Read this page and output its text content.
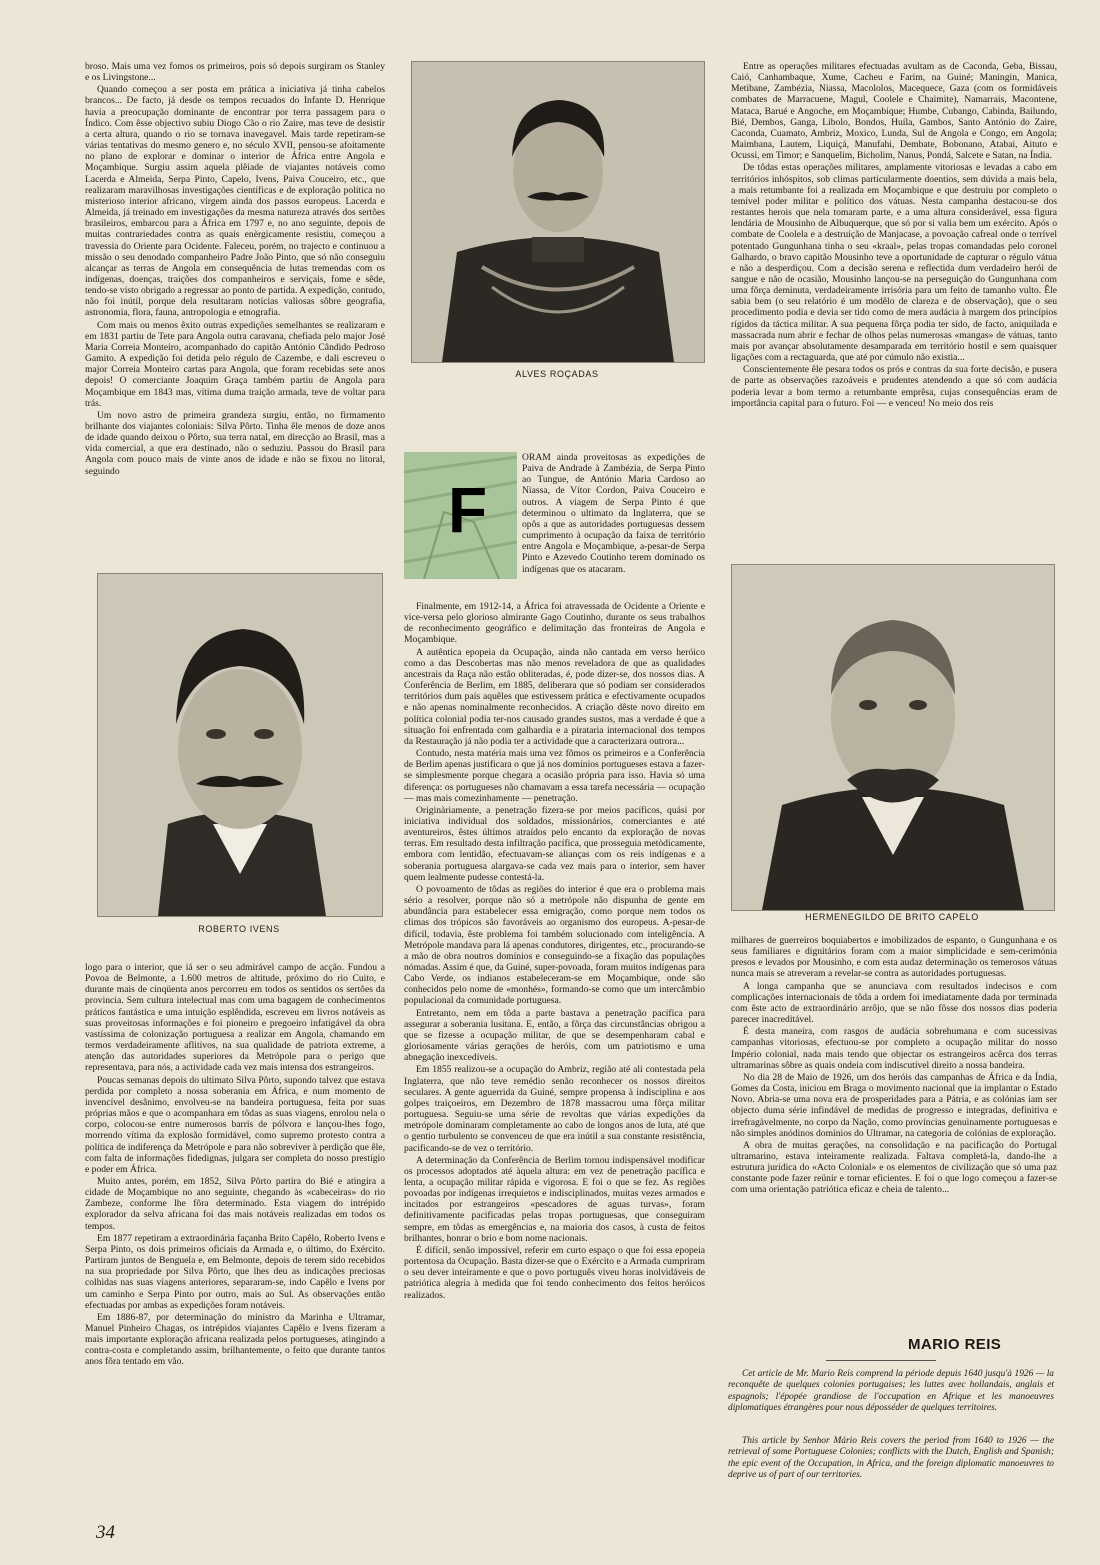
broso. Mais uma vez fomos os primeiros, pois só depois surgiram os Stanley e os Livingstone...

Quando começou a ser posta em prática a iniciativa já tinha cabelos brancos... De facto, já desde os tempos recuados do Infante D. Henrique havia a preocupação dominante de encontrar por terra passagem para o Índico. Com êsse objectivo subiu Diogo Cão o rio Zaire, mas teve de desistir a certa altura, quando o rio se tornava inavegavel. Mais tarde repetiram-se várias tentativas do mesmo genero e, no século XVII, pensou-se afoitamente no plano de explorar e dominar o interior de África entre Angola e Moçambique. Surgiu assim aquela plêiade de viajantes notáveis como Lacerda e Almeida, Serpa Pinto, Capelo, Ivens, Paiva Couceiro, etc., que realizaram maravilhosas investigações científicas e de exploração política no misterioso interior africano, virgem ainda dos passos europeus. Lacerda e Almeida, já treinado em investigações da mesma natureza através dos sertões brasileiros, embarcou para a África em 1797 e, no ano seguinte, depois de muitas contrariedades contra as quais enèrgicamente resistiu, começou a travessia do Oriente para Ocidente. Faleceu, porém, no trajecto e continuou a missão o seu denodado companheiro Padre João Pinto, que só não conseguiu alcançar as terras de Angola em consequência de lutas tremendas com os indígenas, doenças, traições dos companheiros e serviçais, fome e sêde, tendo-se visto obrigado a regressar ao ponto de partida. A expedição, contudo, não foi inútil, porque dela resultaram notícias valiosas sôbre geografia, astronomia, flora, fauna, antropologia e etnografia.

Com mais ou menos êxito outras expedições semelhantes se realizaram e em 1831 partiu de Tete para Angola outra caravana, chefiada pelo major José Maria Correia Monteiro, acompanhado do capitão António Cândido Pedroso Gamito. A expedição foi detida pelo régulo de Cazembe, e dali escreveu o major Correia Monteiro cartas para Angola, que foram recebidas sete anos depois! O comerciante Joaquim Graça também partiu de Angola para Moçambique em 1843 mas, vítima duma traição armada, teve de voltar para trás.

Um novo astro de primeira grandeza surgiu, então, no firmamento brilhante dos viajantes coloniais: Silva Pôrto. Tinha êle menos de doze anos de idade quando deixou o Pôrto, sua terra natal, em direcção ao Brasil, mas a vida comercial, a que era destinado, não o seduziu. Passou do Brasil para Angola com pouco mais de vinte anos de idade e não se fixou no litoral, seguindo

ROBERTO IVENS

logo para o interior, que iá ser o seu admirável campo de acção. Fundou a Povoa de Belmonte, a 1.600 metros de altitude, próximo do rio Cuito, e durante mais de cinqüenta anos percorreu em todos os sentidos os sertões da provincia. Sem cultura intelectual mas com uma bagagem de conhecimentos práticos fantástica e uma intuição esplêndida, escreveu em livros notáveis as suas proveitosas informações e foi pioneiro e pregoeiro infatigável da obra vastíssima de colonização portuguesa a realizar em Angola, chamando em termos verdadeiramente aflitivos, na sua qualidade de patriota extreme, a atenção das autoridades superiores da Metrópole para o perigo que representava, para nós, a actividade cada vez mais intensa dos estrangeiros.

Poucas semanas depois do ultimato Silva Pôrto, supondo talvez que estava perdida por completo a nossa soberania em África, e num momento de invencível desânimo, envolveu-se na bandeira portuguesa, feita por suas próprias mãos e que o acompanhara em tôdas as suas viagens, enrolou nela o corpo, colocou-se entre numerosos barris de pólvora e lançou-lhes fogo, morrendo vítima da explosão formidável, como supremo protesto contra a política de indiferença da Metrópole e para não sobreviver à perdição que êle, com falta de informações fidedignas, julgara ser completa do nosso prestígio e poder em África.

Muito antes, porém, em 1852, Silva Pôrto partira do Bié e atingira a cidade de Moçambique no ano seguinte, chegando às «cabeceiras» do rio Zambeze, conforme lhe fôra determinado. Esta viagem do intrépido explorador da selva africana foi das mais notáveis realizadas em todos os tempos.

Em 1877 repetiram a extraordinária façanha Brito Capêlo, Roberto Ivens e Serpa Pinto, os dois primeiros oficiais da Armada e, o último, do Exército. Partiram juntos de Benguela e, em Belmonte, depois de terem sido recebidos na sua propriedade por Silva Pôrto, que lhes deu as indicações preciosas colhidas nas suas viagens anteriores, separaram-se, indo Capêlo e Ivens por um caminho e Serpa Pinto por outro, mais ao Sul. As observações então efectuadas por ambas as expedições foram notáveis.

Em 1886-87, por determinação do ministro da Marinha e Ultramar, Manuel Pinheiro Chagas, os intrépidos viajantes Capêlo e Ivens fizeram a mais importante exploração africana realizada pelos portugueses, atingindo a contra-costa e completando assim, brilhantemente, o feito que durante tantos anos fôra tentado em vão.

ALVES ROÇADAS
F

ORAM ainda proveitosas as expedições de Paiva de Andrade à Zambézia, de Serpa Pinto ao Tungue, de António Maria Cardoso ao Niassa, de Vítor Cordon, Paiva Couceiro e outros. A viagem de Serpa Pinto é que determinou o ultimato da Inglaterra, que se opôs a que as autoridades portuguesas dessem cumprimento à ocupação da faixa de território entre Angola e Moçambique, a-pesar-de Serpa Pinto e Azevedo Coutinho terem dominado os indígenas que os atacaram.

Finalmente, em 1912-14, a África foi atravessada de Ocidente a Oriente e vice-versa pelo glorioso almirante Gago Coutinho, durante os seus trabalhos de reconhecimento geográfico e delimitação das fronteiras de Angola e Moçambique.

A autêntica epopeia da Ocupação, ainda não cantada em verso heróico como a das Descobertas mas não menos reveladora de que as qualidades ancestrais da Raça não estão obliteradas, é, pode dizer-se, dos nossos dias. A Conferência de Berlim, em 1885, deliberara que só podiam ser considerados territórios dum país aquêles que estivessem prática e efectivamente ocupados e não apenas nominalmente reconhecidos. A criação dêste novo direito em política colonial podia ter-nos causado grandes sustos, mas a verdade é que a situação foi enfrentada com galhardia e a pirataria internacional dos tempos da Restauração já não podia ter a actividade que a caracterizara outrora...

Contudo, nesta matéria mais uma vez fômos os primeiros e a Conferência de Berlim apenas justificara o que já nos domínios portugueses estava a fazer-se simplesmente porque chegara a ocasião própria para isso. Havia só uma diferença: os portugueses não chamavam a essa tarefa necessária — ocupação — mas mais comezinhamente — penetração.

Originàriamente, a penetração fizera-se por meios pacíficos, quási por iniciativa individual dos soldados, missionários, comerciantes e até aventureiros, êstes últimos atraídos pelo encanto da exploração de novas terras. Em resultado desta infiltração pacífica, que prosseguia metòdicamente, embora com lentidão, efectuavam-se alianças com os reis indígenas e a soberania portuguesa alargava-se cada vez mais para o interior, sem haver quem lealmente pudesse contestá-la.

O povoamento de tôdas as regiões do interior é que era o problema mais sério a resolver, porque não só a metrópole não dispunha de gente em abundância para estabelecer essa emigração, como porque nem todos os climas dos trópicos são favoráveis ao organismo dos europeus. A-pesar-de difícil, todavia, êste problema foi também solucionado com inteligência. A Metrópole mandava para lá apenas condutores, dirigentes, etc., procurando-se a mão de obra noutros domínios e conseguindo-se a fixação das populações nómadas. Assim é que, da Guiné, super-povoada, foram muitos indígenas para Cabo Verde, os indianos estabeleceram-se em Moçambique, onde são conhecidos pelo nome de «monhés», formando-se como que um intercâmbio populacional da comunidade portuguesa.

Entretanto, nem em tôda a parte bastava a penetração pacífica para assegurar a soberania lusitana. E, então, a fôrça das circunstâncias obrigou a que se fizesse a ocupação militar, de que se desempenharam cabal e gloriosamente várias gerações de heróis, com um patriotismo e uma abnegação inexcedíveis.

Em 1855 realizou-se a ocupação do Ambriz, região até ali contestada pela Inglaterra, que não teve remédio senão reconhecer os nossos direitos seculares. A gente aguerrida da Guiné, sempre propensa à indisciplina e aos golpes traiçoeiros, em Dezembro de 1878 massacrou uma fôrça militar portuguesa. Seguiu-se uma série de revoltas que várias expedições da metrópole dominaram completamente ao cabo de longos anos de luta, até que o gentio turbulento se convenceu de que era inútil a sua constante resistência, pacificando-se de vez o território.

A determinação da Conferência de Berlim tornou indispensável modificar os processos adoptados até àquela altura: em vez de penetração pacífica e lenta, a ocupação militar rápida e vigorosa. E foi o que se fez. As regiões povoadas por indígenas irrequietos e indisciplinados, muitas vezes armados e incitados por estrangeiros «pescadores de aguas turvas», foram definitivamente pacificadas pelas tropas portuguesas, que conseguiram sempre, em tôdas as emergências e, na maioria dos casos, à custa de feitos brilhantes, honrar o brio e bom nome nacionais.

É difícil, senão impossível, referir em curto espaço o que foi essa epopeia portentosa da Ocupação. Basta dizer-se que o Exército e a Armada cumpriram o seu dever inteiramente e que o povo português viveu horas inolvidáveis de patriótica alegria à medida que foi tendo conhecimento dos feitos heróicos realizados.

Entre as operações militares efectuadas avultam as de Caconda, Geba, Bissau, Caió, Canhambaque, Xume, Cacheu e Farim, na Guiné; Maningin, Manica, Metibane, Zambézia, Niassa, Macololos, Macequece, Gaza (com os formidáveis combates de Marracuene, Magul, Coolele e Chaimite), Namarrais, Macontene, Mataca, Barué e Angoche, em Moçambique; Humbe, Cubango, Cabinda, Bailundo, Bié, Dembos, Ganga, Libolo, Bondos, Huíla, Gambos, Santo António do Zaire, Caconda, Cuamato, Ambriz, Moxico, Lunda, Sul de Angola e Congo, em Angola; Maimbana, Lautem, Liquiçá, Manufahi, Dembate, Bobonano, Atabai, Aituto e Ocussi, em Timor; e Sanquelim, Bicholim, Nanus, Pondá, Salcete e Satan, na Índia.

De tôdas estas operações militares, amplamente vitoriosas e levadas a cabo em territórios inhóspitos, sob climas particularmente doentios, sem dúvida a mais bela, a mais retumbante foi a realizada em Moçambique e que destruiu por completo o temível poder militar e político dos vátuas. Nesta campanha destacou-se dos restantes herois que nela tomaram parte, e a uma altura considerável, essa figura lendária de Mousinho de Albuquerque, que só por si valia bem um exército. Após o combate de Coolela e a destruição de Manjacase, a povoação cafreal onde o terrível potentado Gungunhana tinha o seu «kraal», pelas tropas comandadas pelo coronel Galhardo, o bravo capitão Mousinho teve a oportunidade de capturar o régulo vátua e não a desperdiçou. Com a decisão serena e reflectida dum verdadeiro herói de sangue e não de ocasião, Mousinho lançou-se na perseguição do Gungunhana com uma fôrça deminuta, verdadeiramente irrisória para um feito de tamanho vulto. Êle sabia bem (o seu relatório é um modêlo de clareza e de observação), que o seu procedimento podia e devia ser tido como de mera audácia à margem dos princípios rígidos da táctica militar. A sua pequena fôrça podia ter sido, de facto, aniquilada e massacrada num abrir e fechar de olhos pelas numerosas «mangas» de vátuas, tanto mais por avançar absolutamente desamparada em território hostil e sem quaisquer ligações com a rectaguarda, que até por cúmulo não existia...

Conscientemente êle pesara todos os prós e contras da sua forte decisão, e pusera de parte as observações razoáveis e prudentes atendendo a que só com audácia poderia levar a bom termo a retumbante emprêsa, cujas consequências eram de importância capital para o futuro. Foi — e venceu! No meio dos reis

HERMENEGILDO DE BRITO CAPELO

milhares de guerreiros boquiabertos e imobilizados de espanto, o Gungunhana e os seus familiares e dignitários foram com a maior simplicidade e sem-cerimónia presos e levados por Mousinho, e com esta audaz determinação os temerosos vátuas nunca mais se atreveram a revelar-se contra as autoridades portuguesas.

A longa campanha que se anunciava com resultados indecisos e com complicações internacionais de tôda a ordem foi imediatamente dada por terminada com êste acto de extraordinário arrôjo, que se não fôsse dos nossos dias poderia parecer inacreditável.

É desta maneira, com rasgos de audácia sobrehumana e com sucessivas campanhas vitoriosas, efectuou-se por completo a ocupação militar do nosso Império colonial, nada mais tendo que objectar os estrangeiros acêrca dos terras ultramarinas sôbre as quais ondeia com indiscutível direito a nossa bandeira.

No dia 28 de Maio de 1926, um dos heróis das campanhas de África e da Índia, Gomes da Costa, iniciou em Braga o movimento nacional que ia implantar o Estado Novo. Abria-se uma nova era de prosperidades para a Pátria, e as colónias iam ser objecto duma série infindável de medidas de progresso e integradas, definitiva e irrefragàvelmente, no corpo da Nação, como províncias genuìnamente portuguesas e não simples anódinos domínios do Ultramar, na categoria de colónias de exploração.

A obra de muitas gerações, na consolidação e na pacificação do Portugal ultramarino, estava inteiramente realizada. Faltava completá-la, dando-lhe a estrutura jurídica do «Acto Colonial» e os elementos de civilização que só uma paz constante pode fazer reünir e tornar eficientes. E foi o que logo começou a fazer-se com uma orientação patriótica eficaz e cheia de talento...

MARIO REIS

Cet article de Mr. Mario Reis comprend la période depuis 1640 jusqu'à 1926 — la reconquête de quelques colonies portugaises; les luttes avec hollandais, anglais et espagnols; l'épopée grandiose de l'occupation en Afrique et les manoeuvres diplomatiques étrangères pour nous déposséder de quelques territoires.

This article by Senhor Mário Reis covers the period from 1640 to 1926 — the retrieval of some Portuguese Colonies; conflicts with the Dutch, English and Spanish; the epic event of the Occupation, in Africa, and the foreign diplomatic manoeuvres to deprive us of part of our territories.

34
